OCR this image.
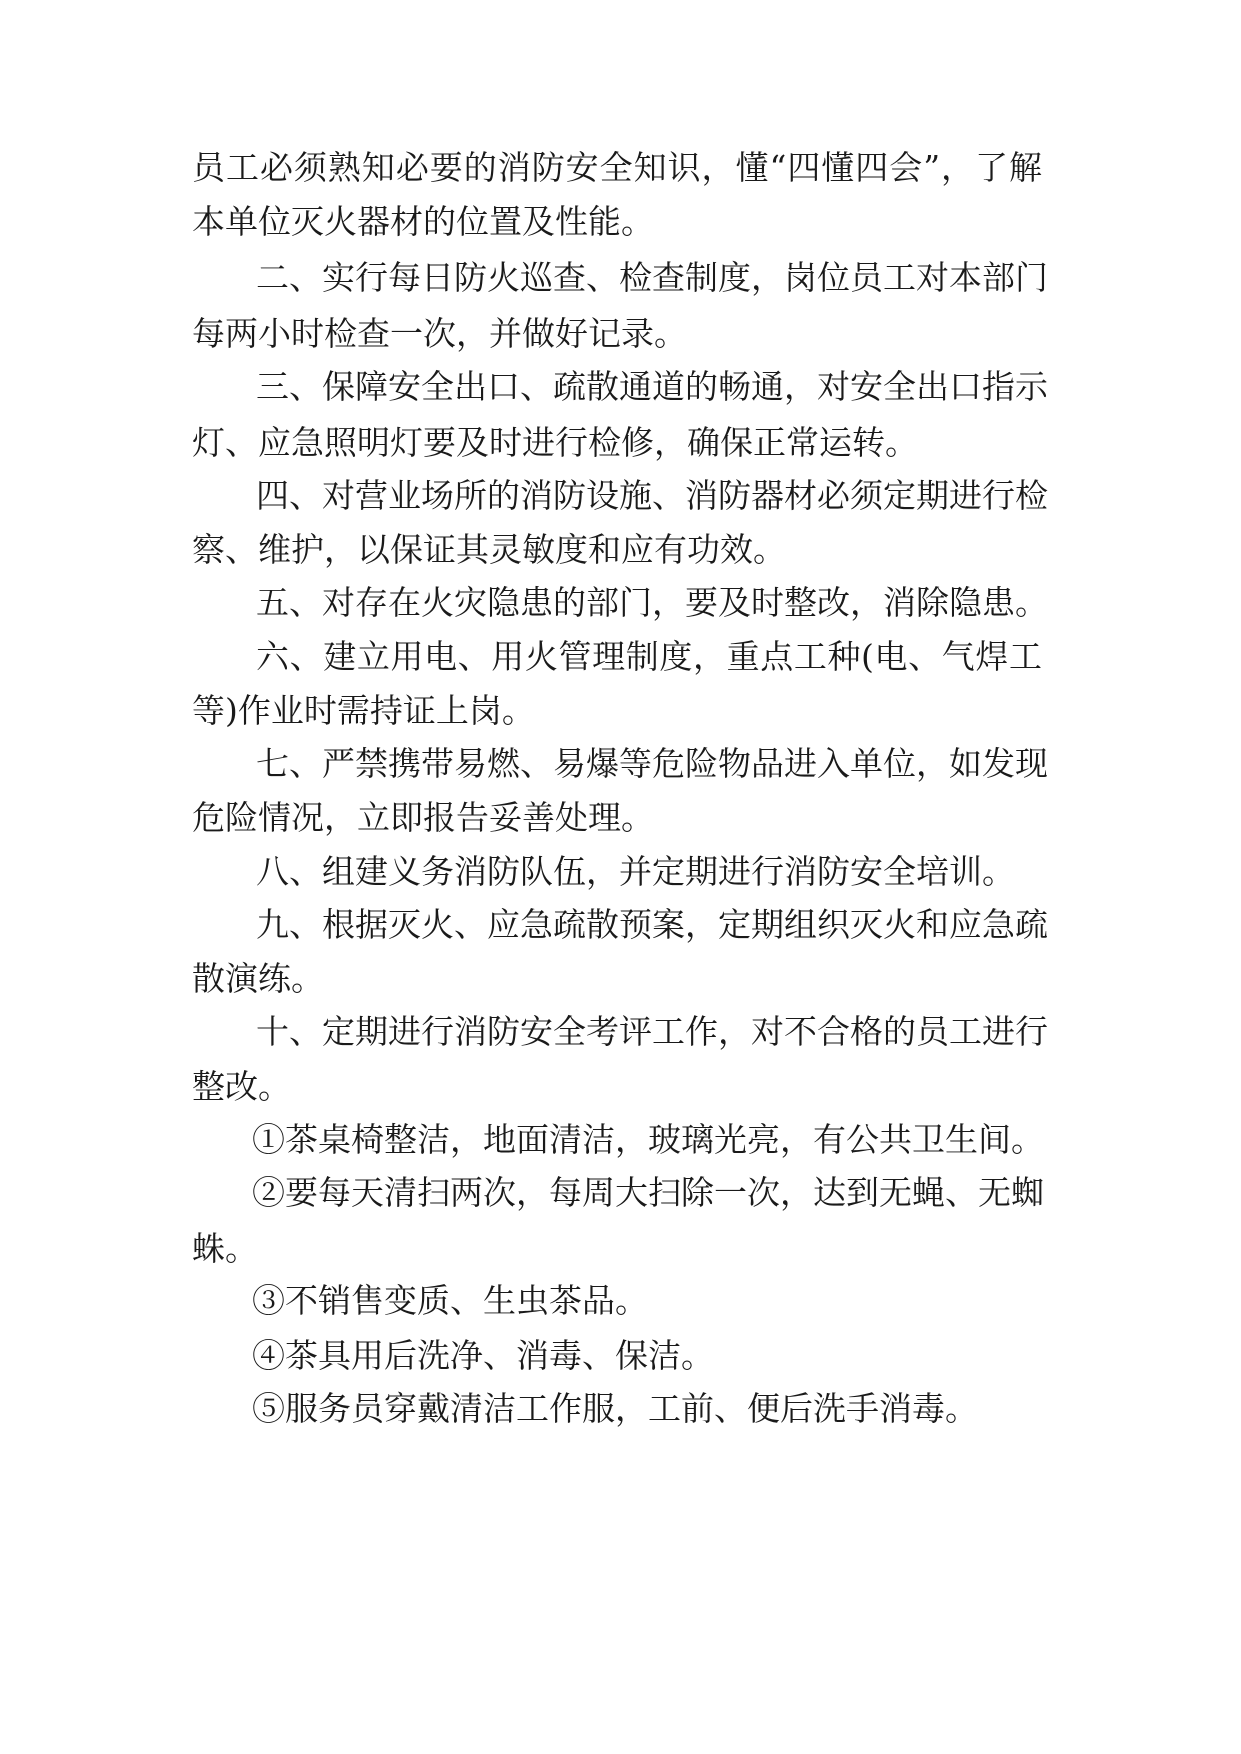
员工必须熟知必要的消防安全知识，懂“四懂四会”，了解
本单位灭火器材的位置及性能。
二、实行每日防火巡查、检查制度，岗位员工对本部门
每两小时检查一次，并做好记录。
三、保障安全出口、疏散通道的畅通，对安全出口指示
灯、应急照明灯要及时进行检修，确保正常运转。
四、对营业场所的消防设施、消防器材必须定期进行检
察、维护，以保证其灵敏度和应有功效。
五、对存在火灾隐患的部门，要及时整改，消除隐患。
六、建立用电、用火管理制度，重点工种(电、气焊工
等)作业时需持证上岗。
七、严禁携带易燃、易爆等危险物品进入单位，如发现
危险情况，立即报告妥善处理。
八、组建义务消防队伍，并定期进行消防安全培训。
九、根据灭火、应急疏散预案，定期组织灭火和应急疏
散演练。
十、定期进行消防安全考评工作，对不合格的员工进行
整改。
①茶桌椅整洁，地面清洁，玻璃光亮，有公共卫生间。
②要每天清扫两次，每周大扫除一次，达到无蝇、无蜘
蛛。
③不销售变质、生虫茶品。
④茶具用后洗净、消毒、保洁。
⑤服务员穿戴清洁工作服，工前、便后洗手消毒。
